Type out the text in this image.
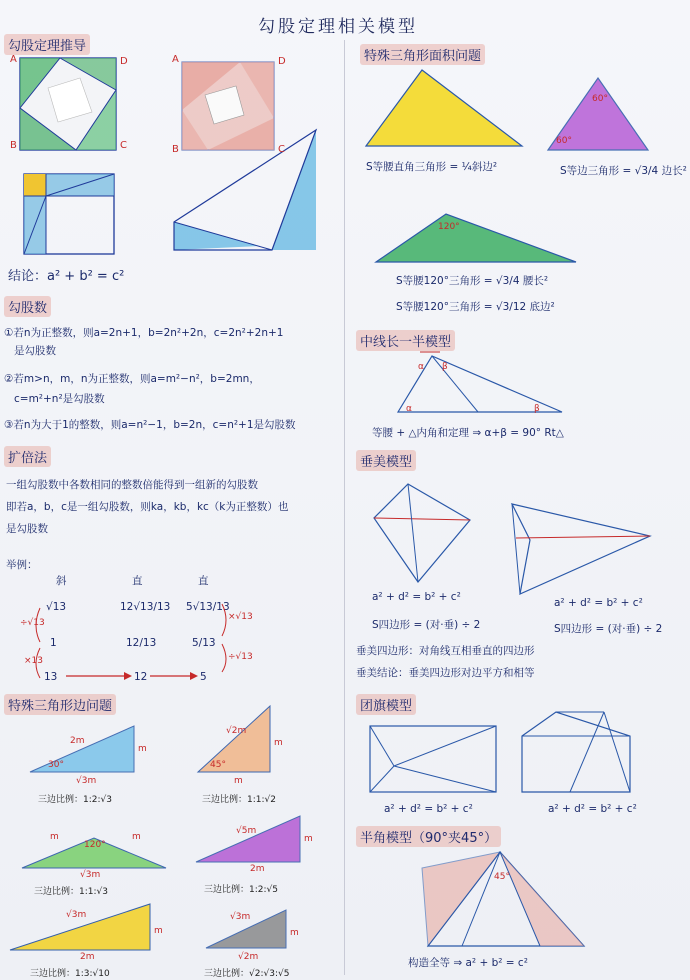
勾股定理相关模型
勾股定理推导
A	D
B	C
A	D
B	C
结论：a² + b² = c²
勾股数
①若n为正整数，则a=2n+1，b=2n²+2n，c=2n²+2n+1
是勾股数
②若m>n，m，n为正整数，则a=m²−n²，b=2mn，
c=m²+n²是勾股数
③若n为大于1的整数，则a=n²−1，b=2n，c=n²+1是勾股数
扩倍法
一组勾股数中各数相同的整数倍能得到一组新的勾股数
即若a，b，c是一组勾股数，则ka，kb，kc（k为正整数）也
是勾股数
举例：
斜	直	直
√13	12√13/13 5√13/13
1	12/13	5/13
13	12	5
÷√13
×13
×√13
÷√13
特殊三角形边问题
2m
30°
√3m
m
三边比例：1:2:√3
√2m
45°
m
m
三边比例：1:1:√2
m
120°
m
√3m
三边比例：1:1:√3
√5m
2m
m
三边比例：1:2:√5
√3m
2m
m
三边比例：1:3:√10
√3m
√2m
m
三边比例：√2:√3:√5
特殊三角形面积问题
60°
60°
120°
S等腰直角三角形 = ¼斜边²	S等边三角形 = √3/4 边长²
S等腰120°三角形 = √3/4 腰长²
S等腰120°三角形 = √3/12 底边²
中线长一半模型
α β
α	β
等腰 + △内角和定理 ⇒ α+β = 90° Rt△
垂美模型
a² + d² = b² + c²	a² + d² = b² + c²
S四边形 = (对·垂) ÷ 2	S四边形 = (对·垂) ÷ 2
垂美四边形：对角线互相垂直的四边形
垂美结论：垂美四边形对边平方和相等
团旗模型
a² + d² = b² + c²	a² + d² = b² + c²
半角模型（90°夹45°）
45°
构造全等 ⇒ a² + b² = c²
